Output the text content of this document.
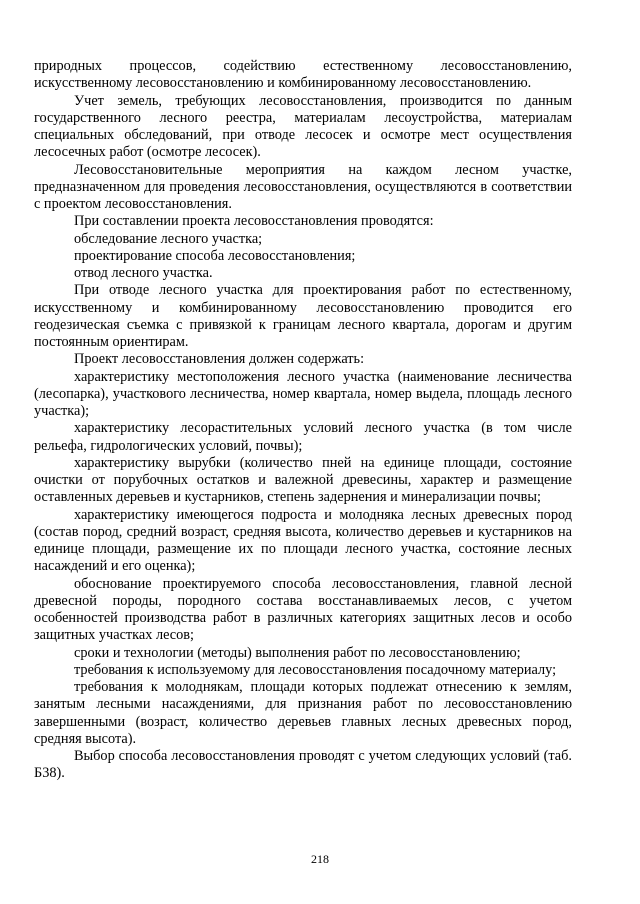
природных процессов, содействию естественному лесовосстановлению, искусственному лесовосстановлению и комбинированному лесовосстановлению.

Учет земель, требующих лесовосстановления, производится по данным государственного лесного реестра, материалам лесоустройства, материалам специальных обследований, при отводе лесосек и осмотре мест осуществления лесосечных работ (осмотре лесосек).

Лесовосстановительные мероприятия на каждом лесном участке, предназначенном для проведения лесовосстановления, осуществляются в соответствии с проектом лесовосстановления.

При составлении проекта лесовосстановления проводятся:

обследование лесного участка;

проектирование способа лесовосстановления;

отвод лесного участка.

При отводе лесного участка для проектирования работ по естественному, искусственному и комбинированному лесовосстановлению проводится его геодезическая съемка с привязкой к границам лесного квартала, дорогам и другим постоянным ориентирам.

Проект лесовосстановления должен содержать:

характеристику местоположения лесного участка (наименование лесничества (лесопарка), участкового лесничества, номер квартала, номер выдела, площадь лесного участка);

характеристику лесорастительных условий лесного участка (в том числе рельефа, гидрологических условий, почвы);

характеристику вырубки (количество пней на единице площади, состояние очистки от порубочных остатков и валежной древесины, характер и размещение оставленных деревьев и кустарников, степень задернения и минерализации почвы;

характеристику имеющегося подроста и молодняка лесных древесных пород (состав пород, средний возраст, средняя высота, количество деревьев и кустарников на единице площади, размещение их по площади лесного участка, состояние лесных насаждений и его оценка);

обоснование проектируемого способа лесовосстановления, главной лесной древесной породы, породного состава восстанавливаемых лесов, с учетом особенностей производства работ в различных категориях защитных лесов и особо защитных участках лесов;

сроки и технологии (методы) выполнения работ по лесовосстановлению;

требования к используемому для лесовосстановления посадочному материалу;

требования к молоднякам, площади которых подлежат отнесению к землям, занятым лесными насаждениями, для признания работ по лесовосстановлению завершенными (возраст, количество деревьев главных лесных древесных пород, средняя высота).

Выбор способа лесовосстановления проводят с учетом следующих условий (таб. Б38).

218
